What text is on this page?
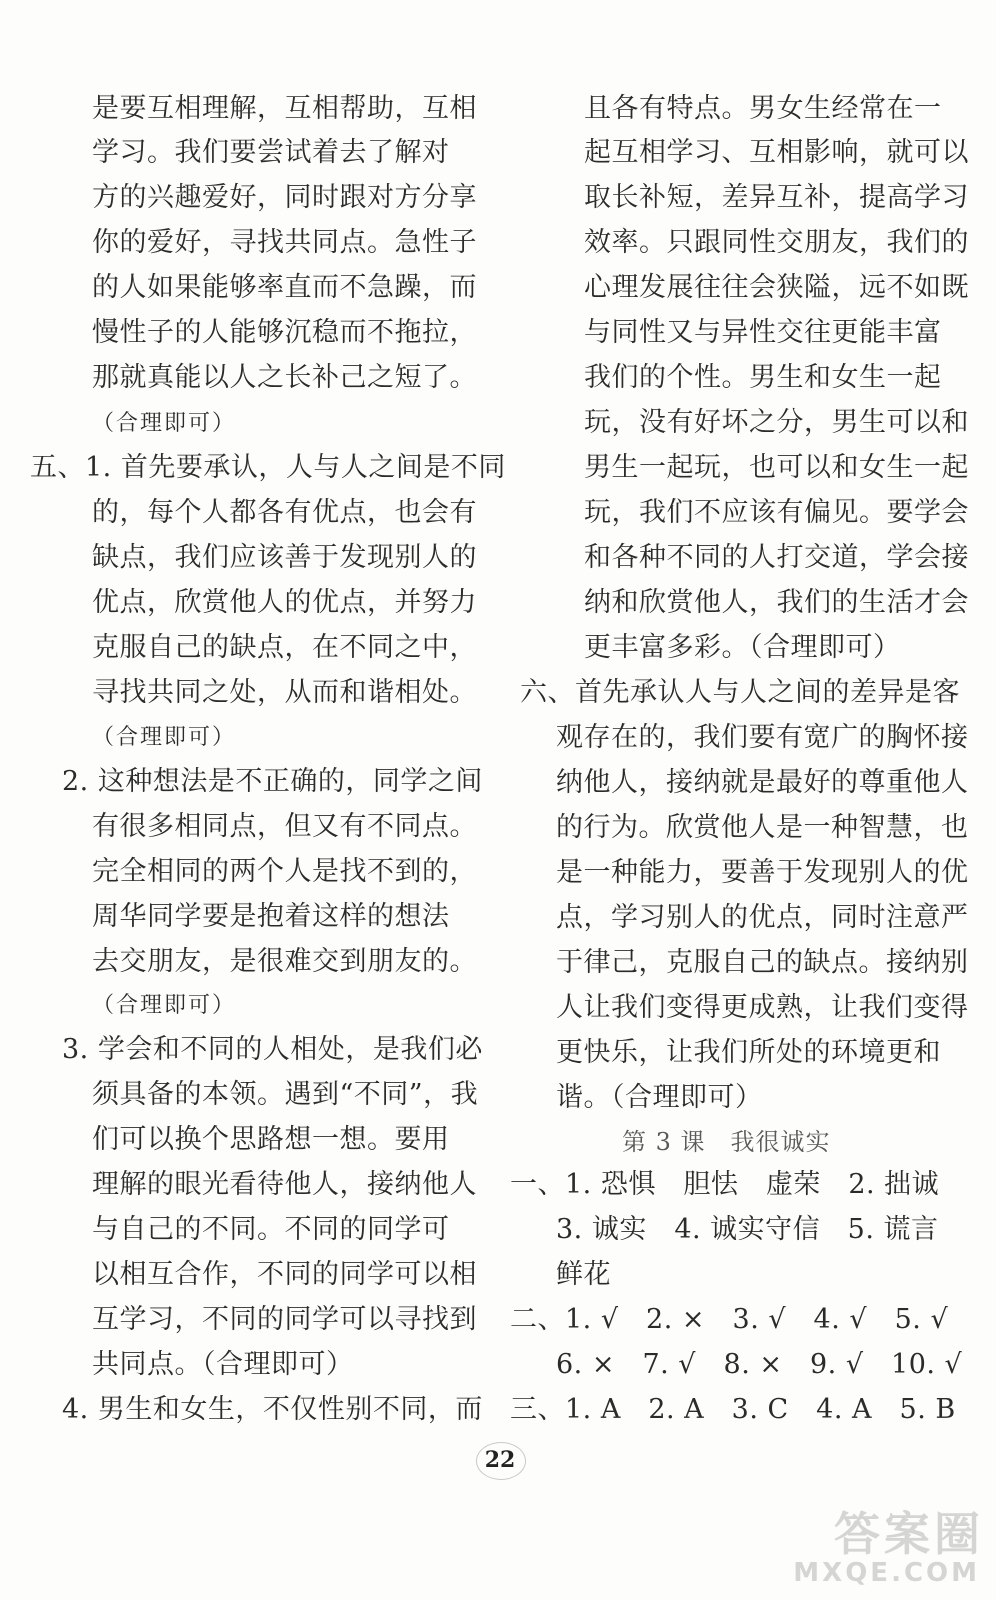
是要互相理解，互相帮助，互相
学习。我们要尝试着去了解对
方的兴趣爱好，同时跟对方分享
你的爱好，寻找共同点。急性子
的人如果能够率直而不急躁，而
慢性子的人能够沉稳而不拖拉，
那就真能以人之长补己之短了。
（合理即可）
五、1. 首先要承认，人与人之间是不同
的，每个人都各有优点，也会有
缺点，我们应该善于发现别人的
优点，欣赏他人的优点，并努力
克服自己的缺点，在不同之中，
寻找共同之处，从而和谐相处。
（合理即可）
2. 这种想法是不正确的，同学之间
有很多相同点，但又有不同点。
完全相同的两个人是找不到的，
周华同学要是抱着这样的想法
去交朋友，是很难交到朋友的。
（合理即可）
3. 学会和不同的人相处，是我们必
须具备的本领。遇到“不同”，我
们可以换个思路想一想。要用
理解的眼光看待他人，接纳他人
与自己的不同。不同的同学可
以相互合作，不同的同学可以相
互学习，不同的同学可以寻找到
共同点。（合理即可）
4. 男生和女生，不仅性别不同，而
且各有特点。男女生经常在一
起互相学习、互相影响，就可以
取长补短，差异互补，提高学习
效率。只跟同性交朋友，我们的
心理发展往往会狭隘，远不如既
与同性又与异性交往更能丰富
我们的个性。男生和女生一起
玩，没有好坏之分，男生可以和
男生一起玩，也可以和女生一起
玩，我们不应该有偏见。要学会
和各种不同的人打交道，学会接
纳和欣赏他人，我们的生活才会
更丰富多彩。（合理即可）
六、首先承认人与人之间的差异是客
观存在的，我们要有宽广的胸怀接
纳他人，接纳就是最好的尊重他人
的行为。欣赏他人是一种智慧，也
是一种能力，要善于发现别人的优
点，学习别人的优点，同时注意严
于律己，克服自己的缺点。接纳别
人让我们变得更成熟，让我们变得
更快乐，让我们所处的环境更和
谐。（合理即可）
第 3 课　我很诚实
一、1. 恐惧　胆怯　虚荣　2. 拙诚
3. 诚实　4. 诚实守信　5. 谎言
鲜花
二、1. √　2. ×　3. √　4. √　5. √
6. ×　7. √　8. ×　9. √　10. √
三、1. A　2. A　3. C　4. A　5. B
22
答案圈
MXQE.COM
